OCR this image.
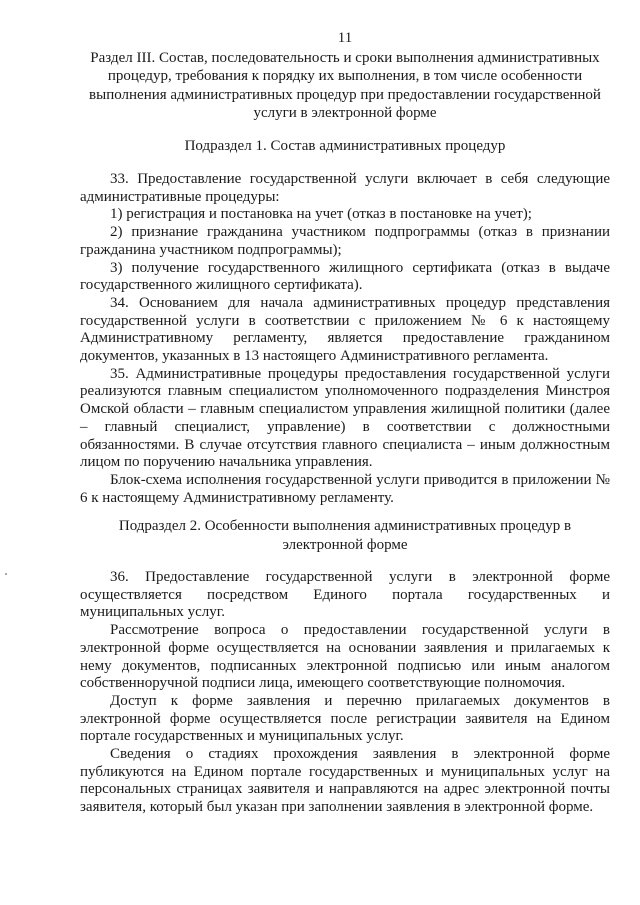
11
Раздел III. Состав, последовательность и сроки выполнения административных процедур, требования к порядку их выполнения, в том числе особенности выполнения административных процедур при предоставлении государственной услуги в электронной форме
Подраздел 1. Состав административных процедур

33. Предоставление государственной услуги включает в себя следующие административные процедуры:

1) регистрация и постановка на учет (отказ в постановке на учет);

2) признание гражданина участником подпрограммы (отказ в признании гражданина участником подпрограммы);

3) получение государственного жилищного сертификата (отказ в выдаче государственного жилищного сертификата).

34. Основанием для начала административных процедур представления государственной услуги в соответствии с приложением № 6 к настоящему Административному регламенту, является предоставление гражданином документов, указанных в 13 настоящего Административного регламента.

35. Административные процедуры предоставления государственной услуги реализуются главным специалистом уполномоченного подразделения Минстроя Омской области – главным специалистом управления жилищной политики (далее – главный специалист, управление) в соответствии с должностными обязанностями. В случае отсутствия главного специалиста – иным должностным лицом по поручению начальника управления.

Блок-схема исполнения государственной услуги приводится в приложении № 6 к настоящему Административному регламенту.

Подраздел 2. Особенности выполнения административных процедур в электронной форме

36. Предоставление государственной услуги в электронной форме осуществляется посредством Единого портала государственных и муниципальных услуг.

Рассмотрение вопроса о предоставлении государственной услуги в электронной форме осуществляется на основании заявления и прилагаемых к нему документов, подписанных электронной подписью или иным аналогом собственноручной подписи лица, имеющего соответствующие полномочия.

Доступ к форме заявления и перечню прилагаемых документов в электронной форме осуществляется после регистрации заявителя на Едином портале государственных и муниципальных услуг.

Сведения о стадиях прохождения заявления в электронной форме публикуются на Едином портале государственных и муниципальных услуг на персональных страницах заявителя и направляются на адрес электронной почты заявителя, который был указан при заполнении заявления в электронной форме.
